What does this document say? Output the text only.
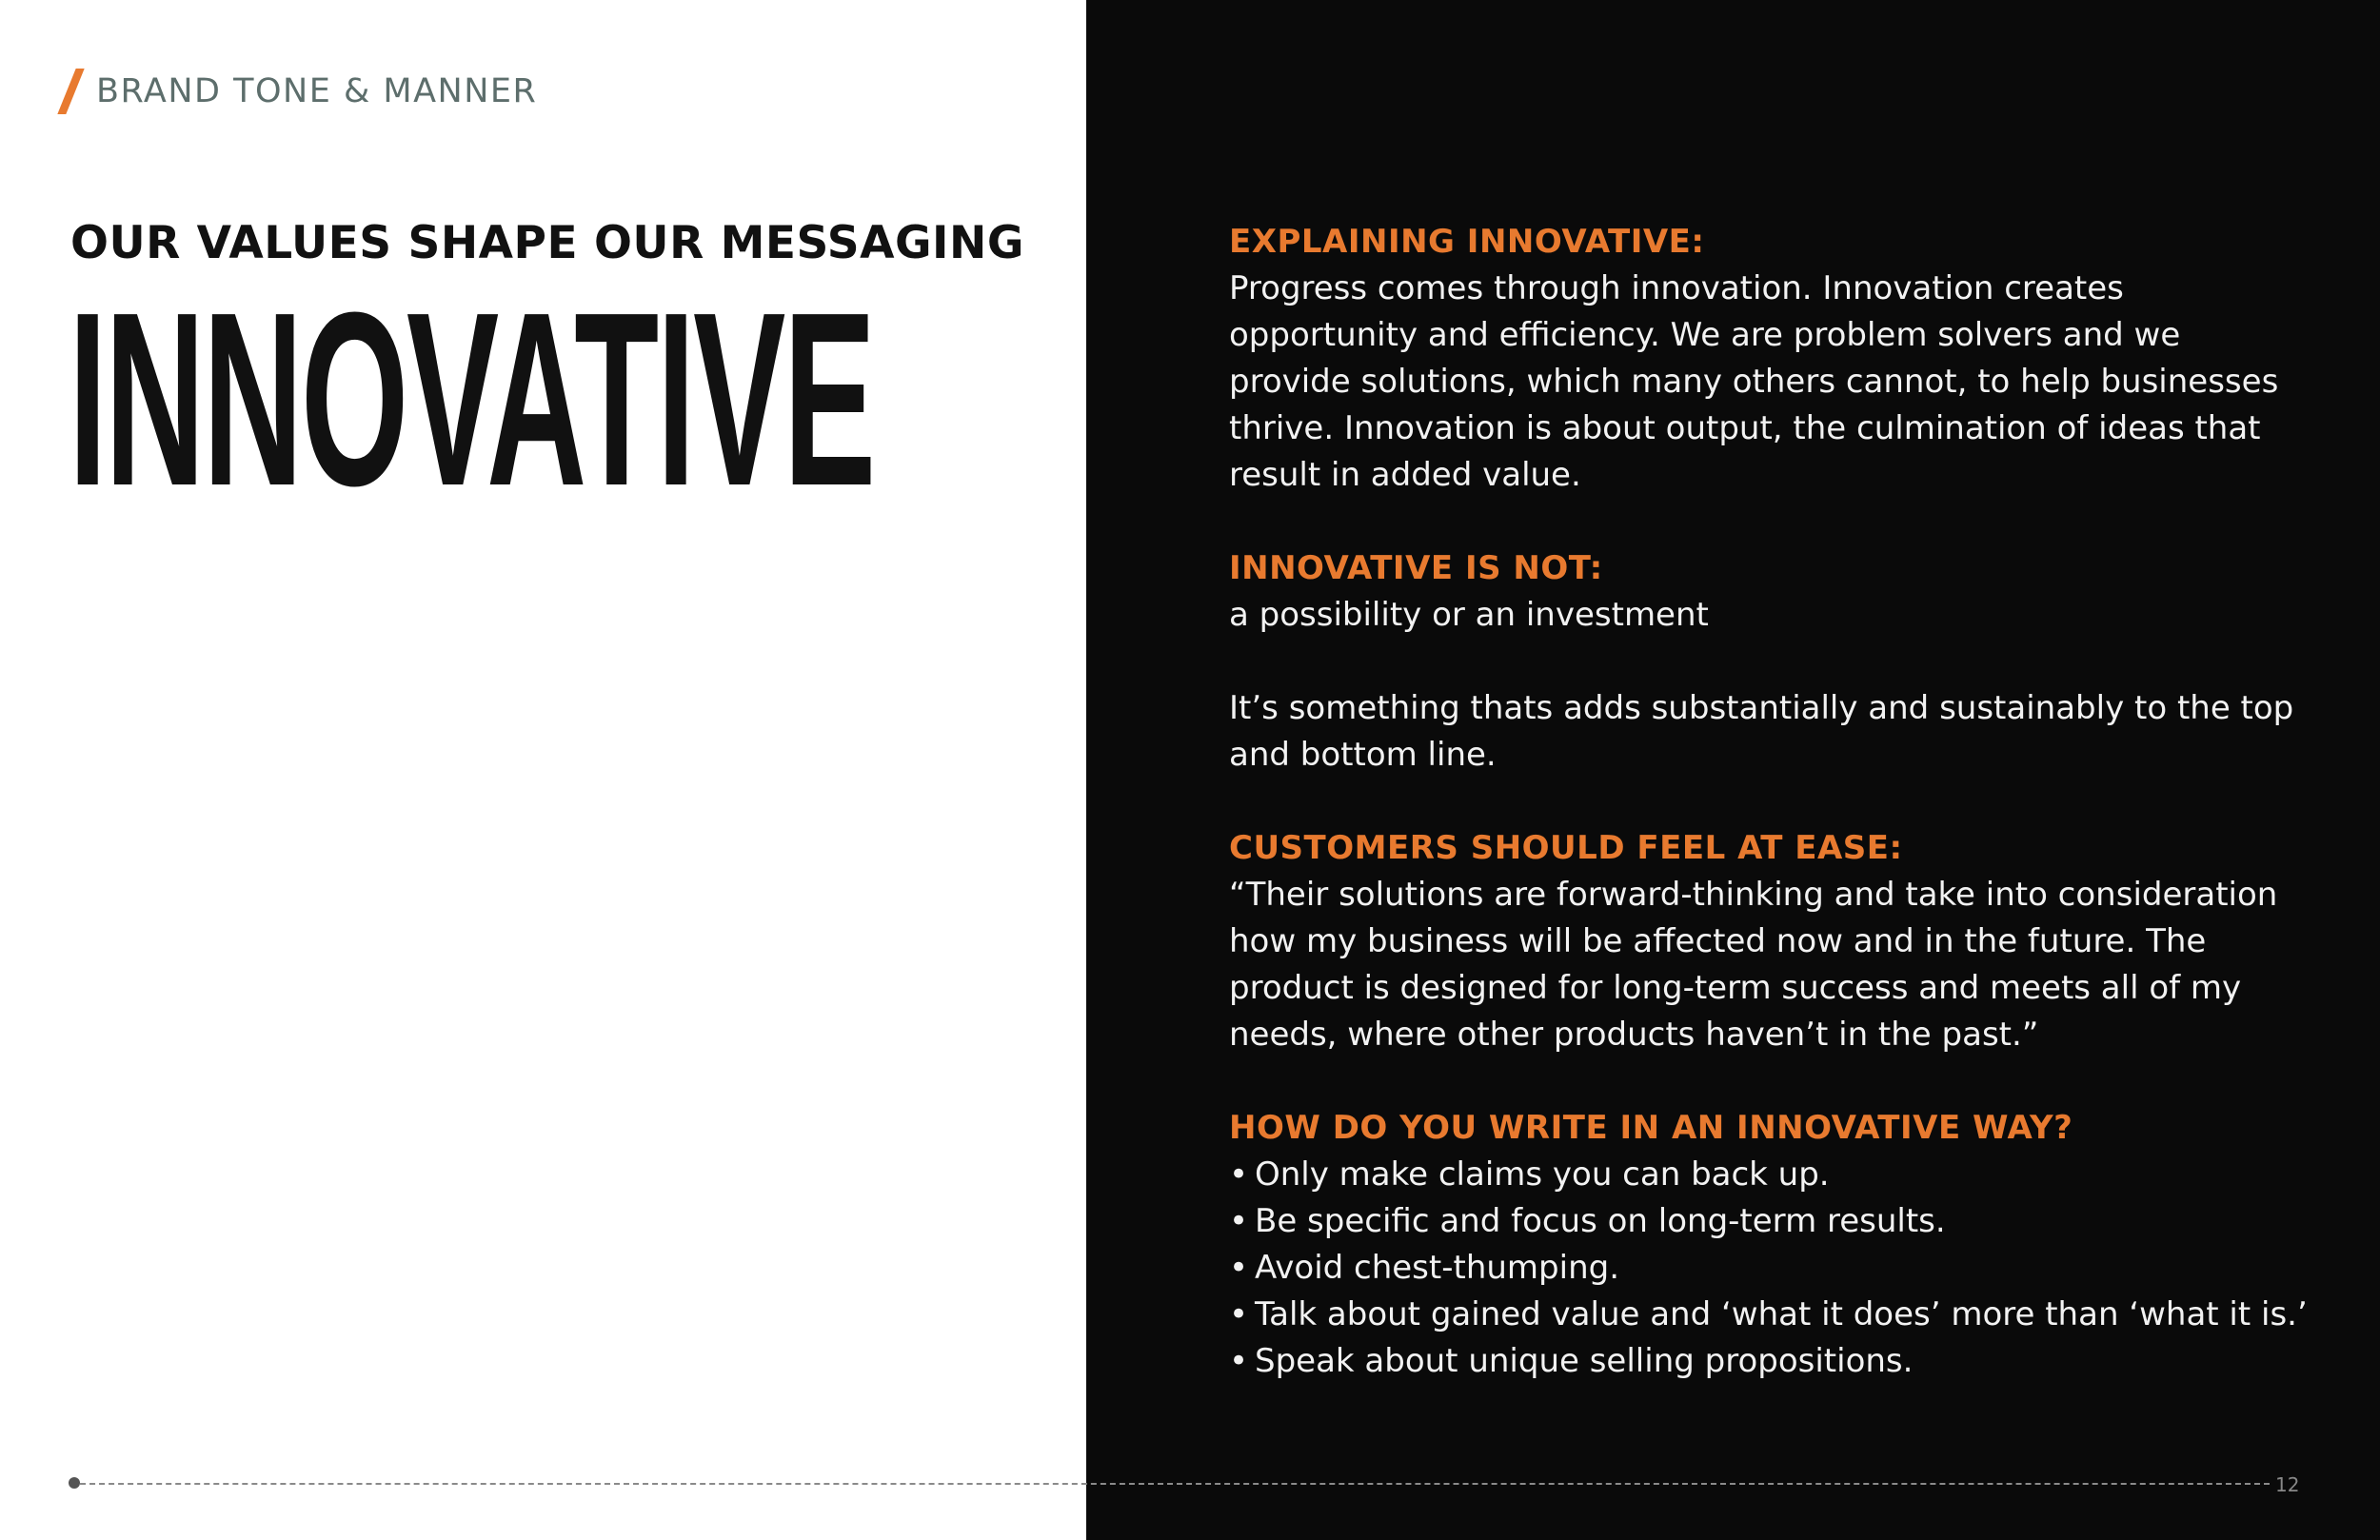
BRAND TONE & MANNER
OUR VALUES SHAPE OUR MESSAGING
INNOVATIVE
EXPLAINING INNOVATIVE:
Progress comes through innovation. Innovation creates
opportunity and efficiency. We are problem solvers and we
provide solutions, which many others cannot, to help businesses
thrive. Innovation is about output, the culmination of ideas that
result in added value.
INNOVATIVE IS NOT:
a possibility or an investment
It’s something thats adds substantially and sustainably to the top
and bottom line.
CUSTOMERS SHOULD FEEL AT EASE:
“Their solutions are forward-thinking and take into consideration
how my business will be affected now and in the future. The
product is designed for long-term success and meets all of my
needs, where other products haven’t in the past.”
HOW DO YOU WRITE IN AN INNOVATIVE WAY?
• Only make claims you can back up.
• Be specific and focus on long-term results.
• Avoid chest-thumping.
• Talk about gained value and ‘what it does’ more than ‘what it is.’
• Speak about unique selling propositions.
12
